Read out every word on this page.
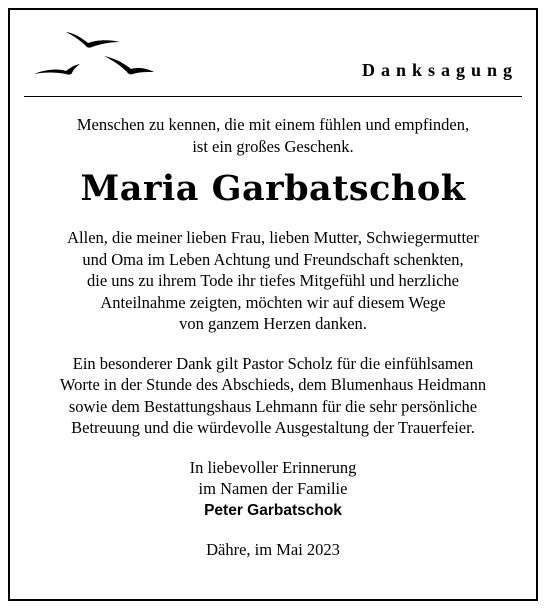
Danksagung

Menschen zu kennen, die mit einem fühlen und empfinden,
ist ein großes Geschenk.

Maria Garbatschok

Allen, die meiner lieben Frau, lieben Mutter, Schwiegermutter
und Oma im Leben Achtung und Freundschaft schenkten,
die uns zu ihrem Tode ihr tiefes Mitgefühl und herzliche
Anteilnahme zeigten, möchten wir auf diesem Wege
von ganzem Herzen danken.

Ein besonderer Dank gilt Pastor Scholz für die einfühlsamen
Worte in der Stunde des Abschieds, dem Blumenhaus Heidmann
sowie dem Bestattungshaus Lehmann für die sehr persönliche
Betreuung und die würdevolle Ausgestaltung der Trauerfeier.

In liebevoller Erinnerung
im Namen der Familie
Peter Garbatschok

Dähre, im Mai 2023
